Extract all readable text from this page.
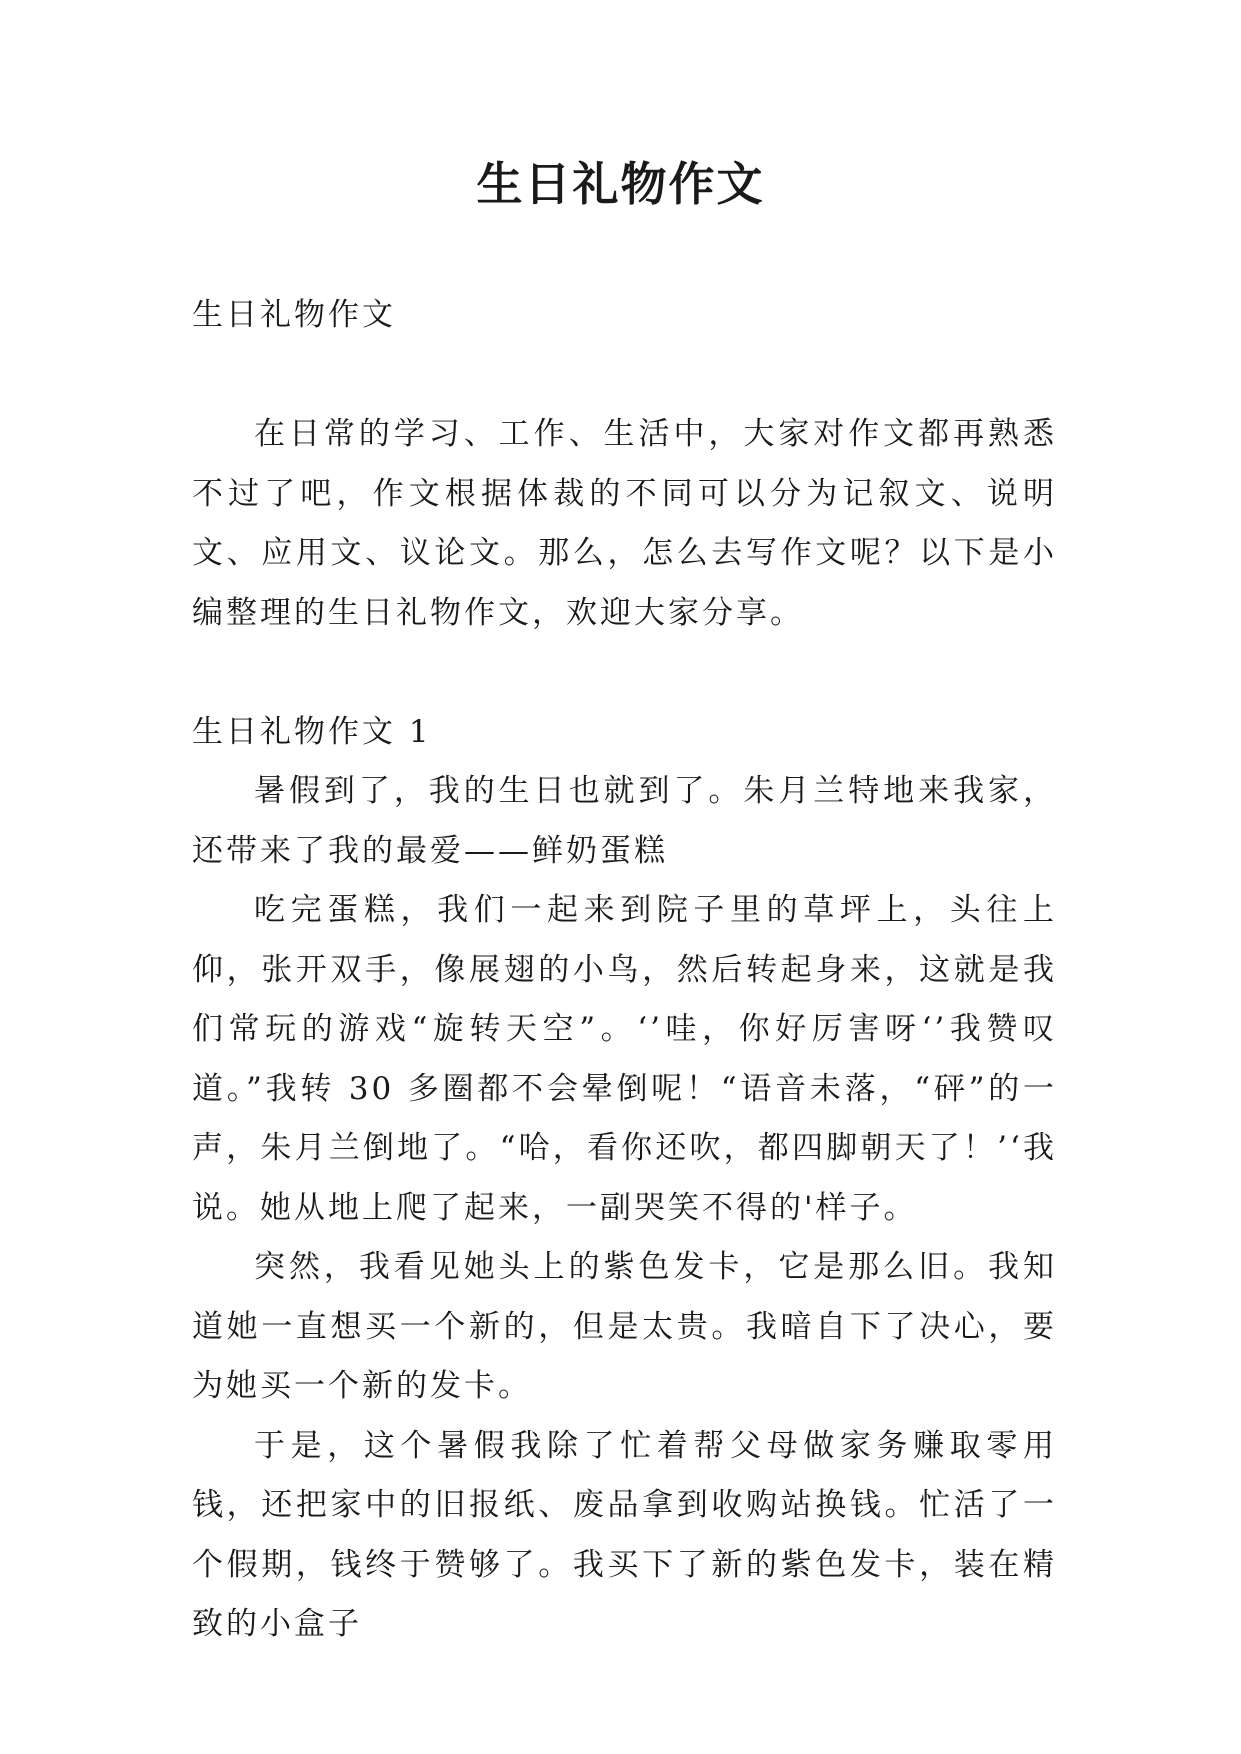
生日礼物作文

生日礼物作文

在日常的学习、工作、生活中，大家对作文都再熟悉不过了吧，作文根据体裁的不同可以分为记叙文、说明文、应用文、议论文。那么，怎么去写作文呢？以下是小编整理的生日礼物作文，欢迎大家分享。

生日礼物作文 1

暑假到了，我的生日也就到了。朱月兰特地来我家，还带来了我的最爱——鲜奶蛋糕

吃完蛋糕，我们一起来到院子里的草坪上，头往上仰，张开双手，像展翅的小鸟，然后转起身来，这就是我们常玩的游戏“旋转天空”。‘’哇，你好厉害呀‘’我赞叹道。”我转 30 多圈都不会晕倒呢！“语音未落，“砰”的一声，朱月兰倒地了。“哈，看你还吹，都四脚朝天了！’‘我说。她从地上爬了起来，一副哭笑不得的'样子。

突然，我看见她头上的紫色发卡，它是那么旧。我知道她一直想买一个新的，但是太贵。我暗自下了决心，要为她买一个新的发卡。

于是，这个暑假我除了忙着帮父母做家务赚取零用钱，还把家中的旧报纸、废品拿到收购站换钱。忙活了一个假期，钱终于赞够了。我买下了新的紫色发卡，装在精致的小盒子
